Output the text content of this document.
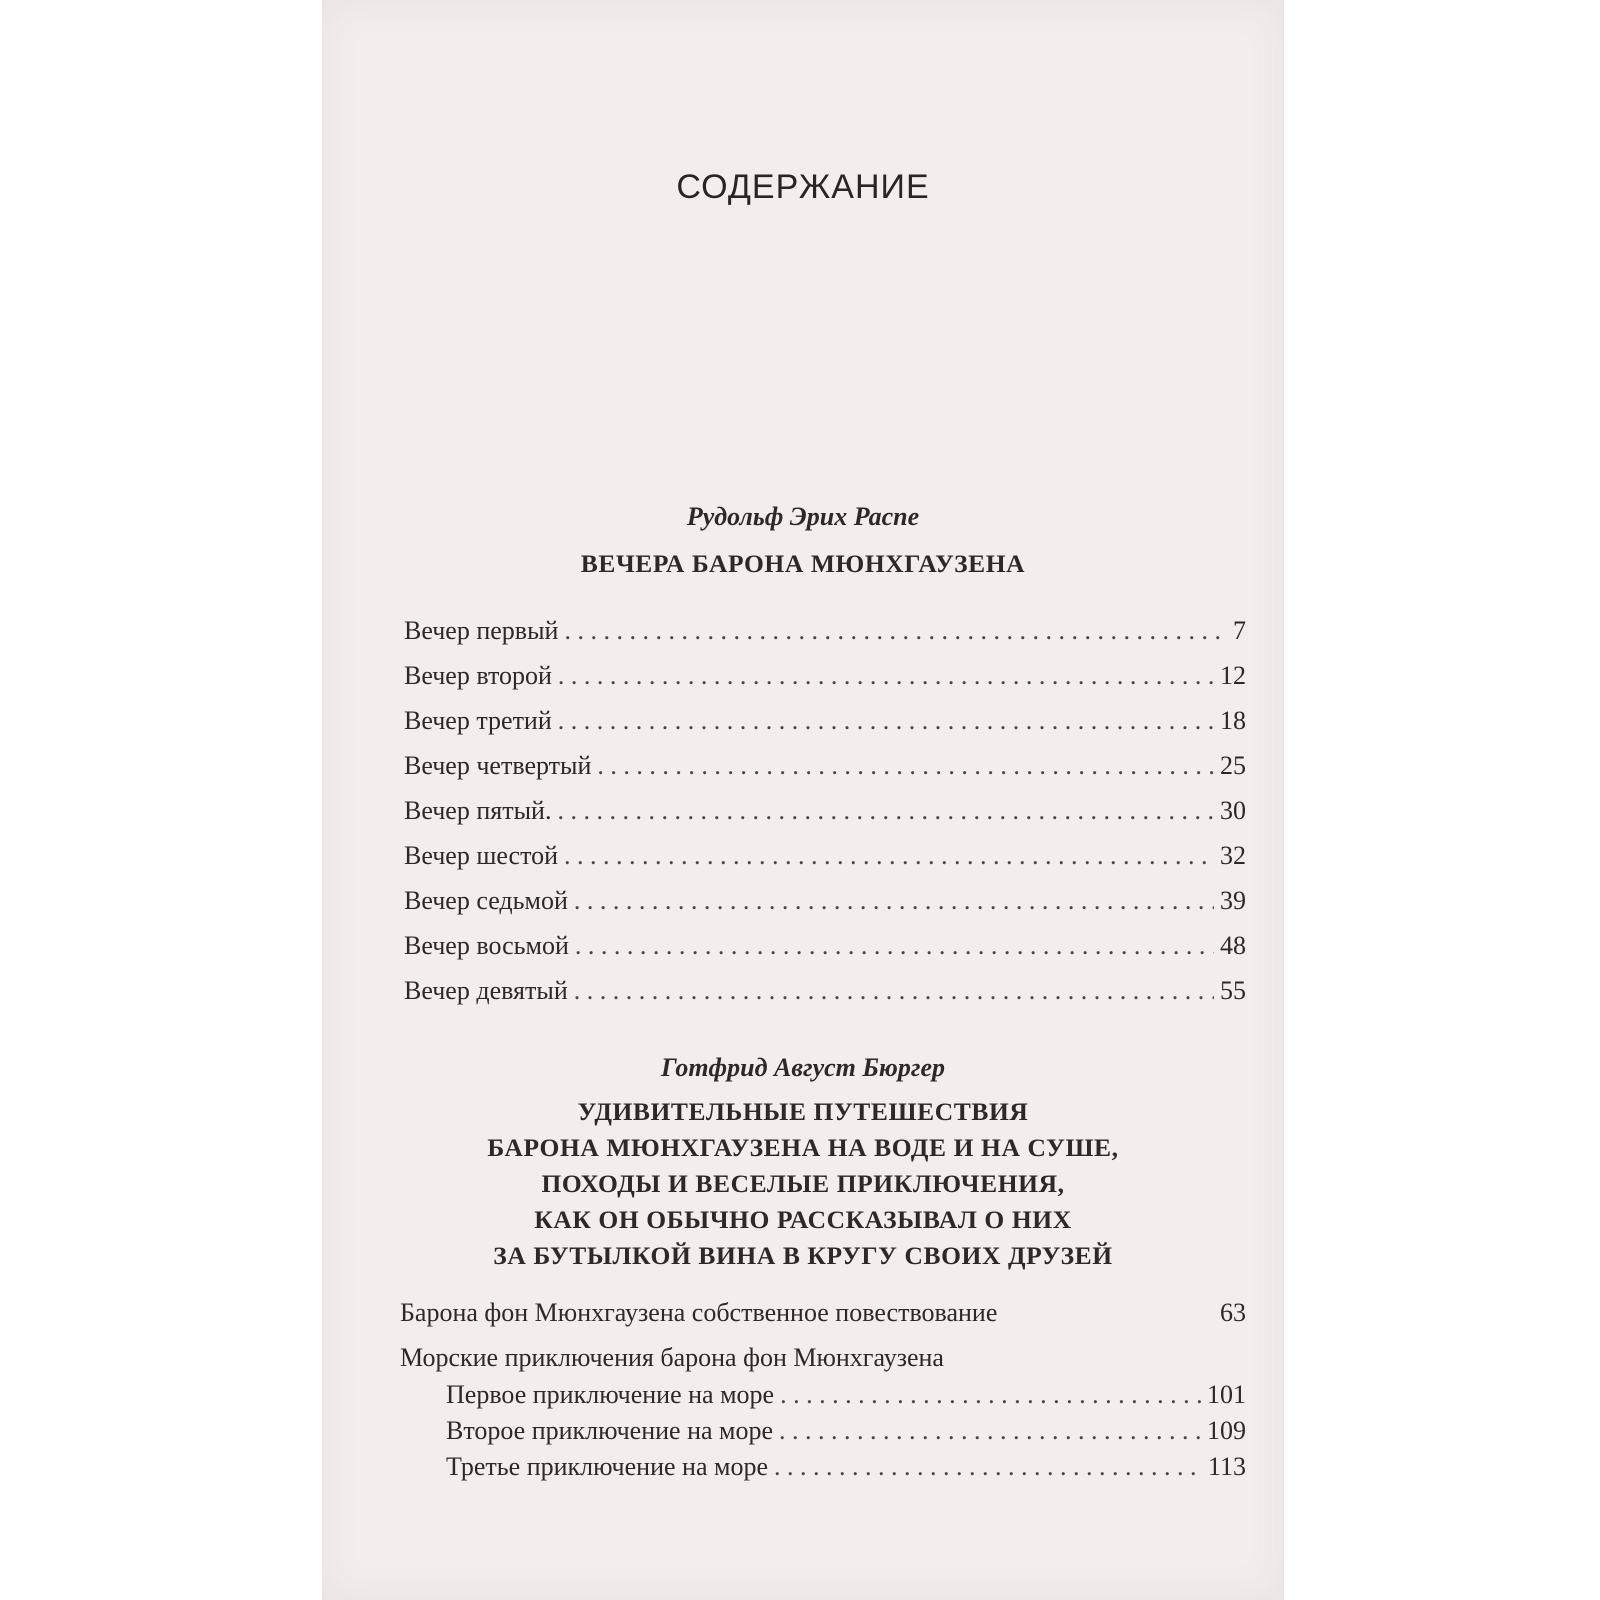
СОДЕРЖАНИЕ
Рудольф Эрих Распе
ВЕЧЕРА БАРОНА МЮНХГАУЗЕНА
Вечер первый . . .	7
Вечер второй . . .	12
Вечер третий . . .	18
Вечер четвертый . . .	25
Вечер пятый. . . .	30
Вечер шестой . . .	32
Вечер седьмой . . .	39
Вечер восьмой . . .	48
Вечер девятый . . .	55
Готфрид Август Бюргер
УДИВИТЕЛЬНЫЕ ПУТЕШЕСТВИЯ
БАРОНА МЮНХГАУЗЕНА НА ВОДЕ И НА СУШЕ,
ПОХОДЫ И ВЕСЕЛЫЕ ПРИКЛЮЧЕНИЯ,
КАК ОН ОБЫЧНО РАССКАЗЫВАЛ О НИХ
ЗА БУТЫЛКОЙ ВИНА В КРУГУ СВОИХ ДРУЗЕЙ
Барона фон Мюнхгаузена собственное повествование	63
Морские приключения барона фон Мюнхгаузена
Первое приключение на море . . .	101
Второе приключение на море . . .	109
Третье приключение на море . . .	113
